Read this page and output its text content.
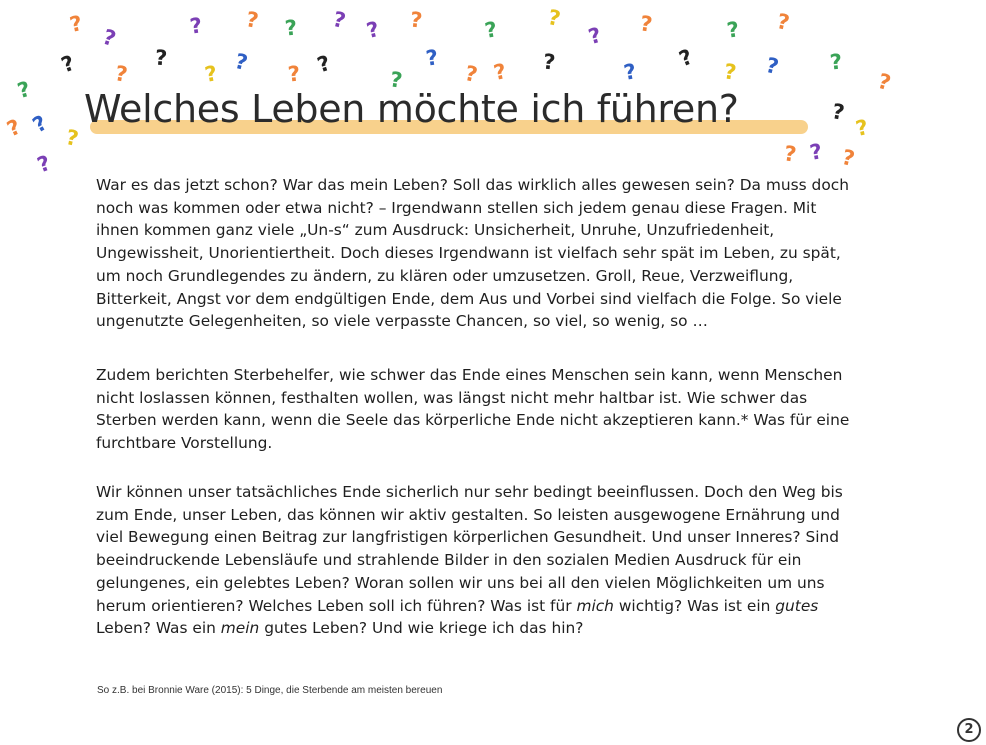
?
?	? ? ? ? ? ?	? ?
? ?	? ?
? ?
?
? ? ? ?
?
?
? ? ?	?
?
? ? ?
?
?
? ?
?
?
?
?
? ? ?
Welches Leben möchte ich führen?

War es das jetzt schon? War das mein Leben? Soll das wirklich alles gewesen sein? Da muss doch noch was kommen oder etwa nicht? – Irgendwann stellen sich jedem genau diese Fragen. Mit ihnen kommen ganz viele „Un-s“ zum Ausdruck: Unsicherheit, Unruhe, Unzufriedenheit, Ungewissheit, Unorientiertheit. Doch dieses Irgendwann ist vielfach sehr spät im Leben, zu spät, um noch Grundlegendes zu ändern, zu klären oder umzusetzen. Groll, Reue, Verzweiflung, Bitterkeit, Angst vor dem endgültigen Ende, dem Aus und Vorbei sind vielfach die Folge. So viele ungenutzte Gelegenheiten, so viele verpasste Chancen, so viel, so wenig, so …

Zudem berichten Sterbehelfer, wie schwer das Ende eines Menschen sein kann, wenn Menschen nicht loslassen können, festhalten wollen, was längst nicht mehr haltbar ist. Wie schwer das Sterben werden kann, wenn die Seele das körperliche Ende nicht akzeptieren kann.* Was für eine furchtbare Vorstellung.

Wir können unser tatsächliches Ende sicherlich nur sehr bedingt beeinflussen. Doch den Weg bis zum Ende, unser Leben, das können wir aktiv gestalten. So leisten ausgewogene Ernährung und viel Bewegung einen Beitrag zur langfristigen körperlichen Gesundheit. Und unser Inneres? Sind beeindruckende Lebensläufe und strahlende Bilder in den sozialen Medien Ausdruck für ein gelungenes, ein gelebtes Leben? Woran sollen wir uns bei all den vielen Möglichkeiten um uns herum orientieren? Welches Leben soll ich führen? Was ist für mich wichtig? Was ist ein gutes Leben? Was ein mein gutes Leben? Und wie kriege ich das hin?

So z.B. bei Bronnie Ware (2015): 5 Dinge, die Sterbende am meisten bereuen

2
